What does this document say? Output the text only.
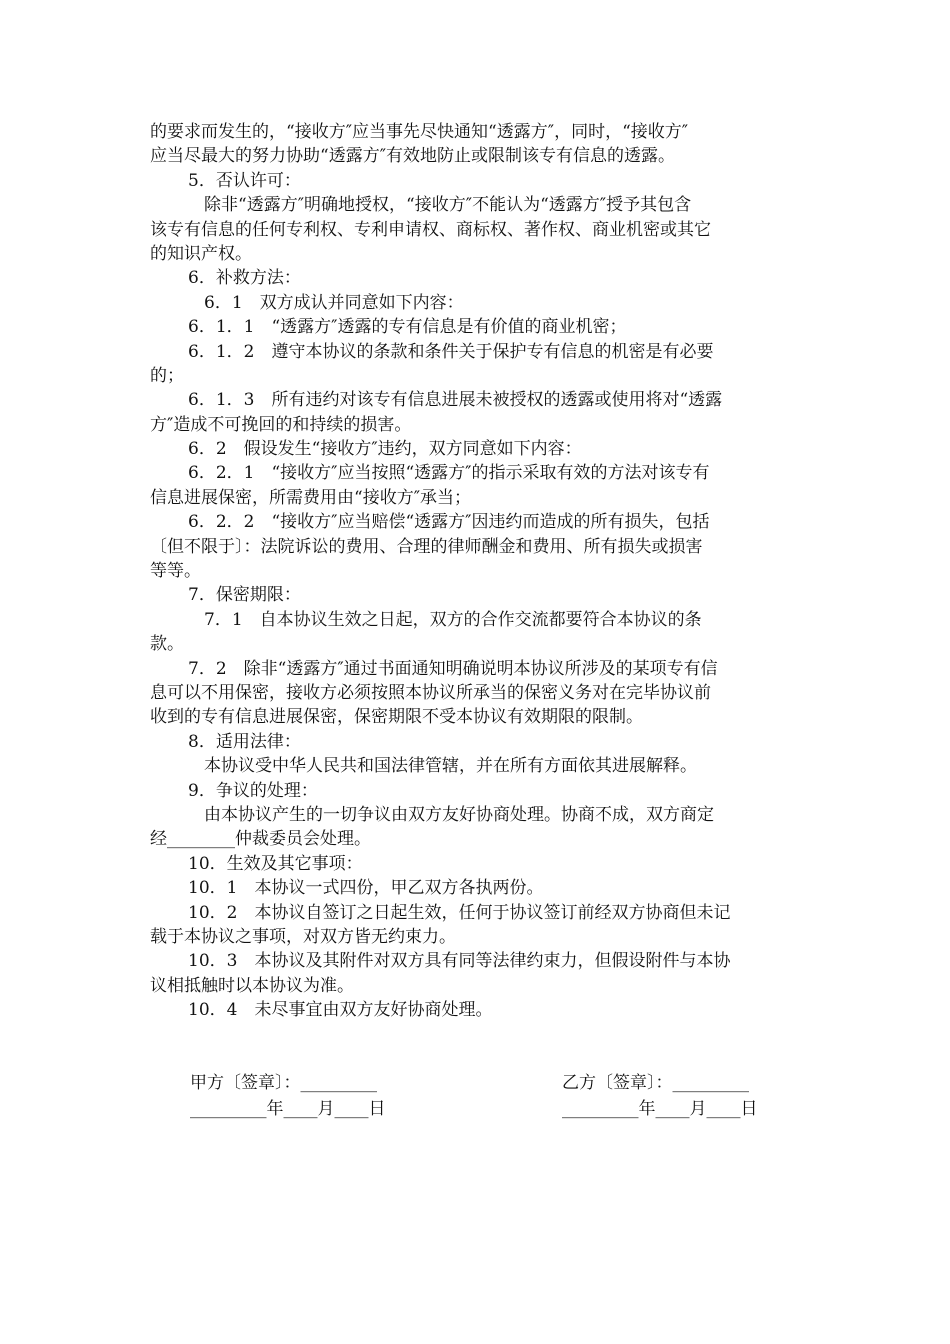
的要求而发生的，“接收方″应当事先尽快通知“透露方″，同时，“接收方″
应当尽最大的努力协助“透露方″有效地防止或限制该专有信息的透露。
5．否认许可：
除非“透露方″明确地授权，“接收方″不能认为“透露方″授予其包含
该专有信息的任何专利权、专利申请权、商标权、著作权、商业机密或其它
的知识产权。
6．补救方法：
6．1　双方成认并同意如下内容：
6．1．1　“透露方″透露的专有信息是有价值的商业机密；
6．1．2　遵守本协议的条款和条件关于保护专有信息的机密是有必要
的；
6．1．3　所有违约对该专有信息进展未被授权的透露或使用将对“透露
方″造成不可挽回的和持续的损害。
6．2　假设发生“接收方″违约，双方同意如下内容：
6．2．1　“接收方″应当按照“透露方″的指示采取有效的方法对该专有
信息进展保密，所需费用由“接收方″承当；
6．2．2　“接收方″应当赔偿“透露方″因违约而造成的所有损失，包括
〔但不限于〕：法院诉讼的费用、合理的律师酬金和费用、所有损失或损害
等等。
7．保密期限：
7．1　自本协议生效之日起，双方的合作交流都要符合本协议的条
款。
7．2　除非“透露方″通过书面通知明确说明本协议所涉及的某项专有信
息可以不用保密，接收方必须按照本协议所承当的保密义务对在完毕协议前
收到的专有信息进展保密，保密期限不受本协议有效期限的限制。
8．适用法律：
本协议受中华人民共和国法律管辖，并在所有方面依其进展解释。
9．争议的处理：
由本协议产生的一切争议由双方友好协商处理。协商不成，双方商定
经________仲裁委员会处理。
10．生效及其它事项：
10．1　本协议一式四份，甲乙双方各执两份。
10．2　本协议自签订之日起生效，任何于协议签订前经双方协商但未记
载于本协议之事项，对双方皆无约束力。
10．3　本协议及其附件对双方具有同等法律约束力，但假设附件与本协
议相抵触时以本协议为准。
10．4　未尽事宜由双方友好协商处理。
甲方〔签章〕：_________
_________年____月____日
乙方〔签章〕：_________
_________年____月____日
